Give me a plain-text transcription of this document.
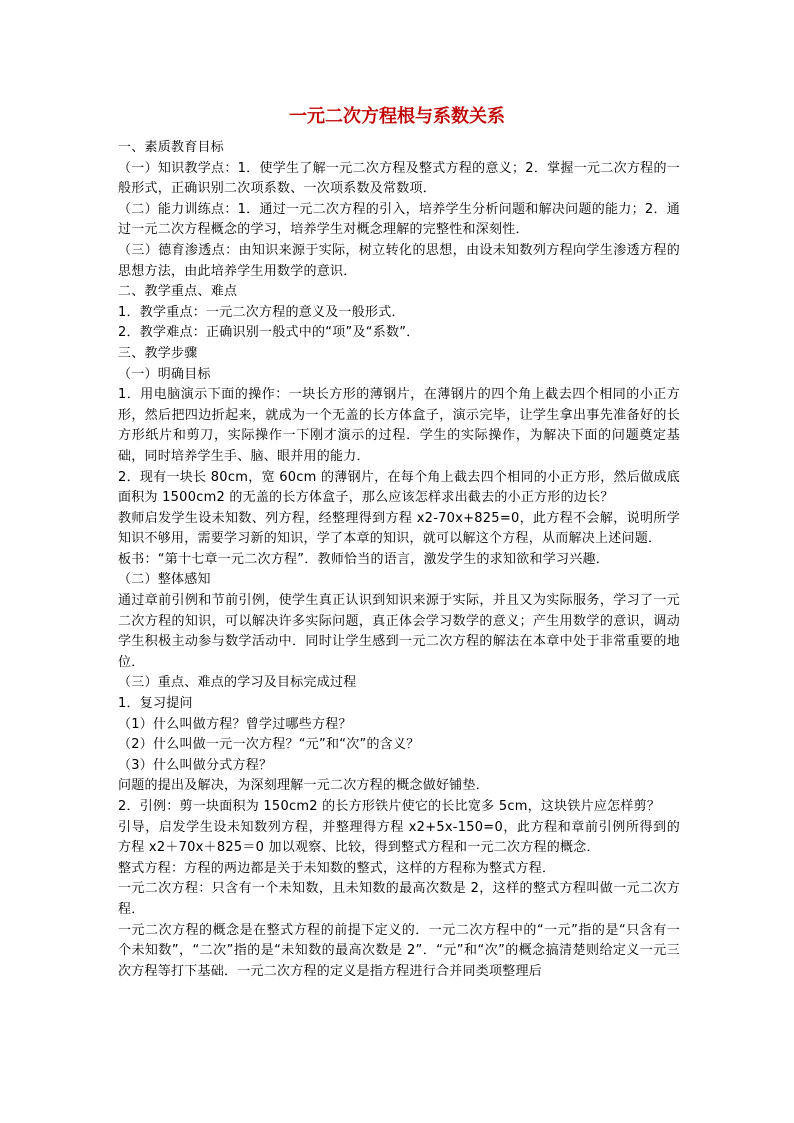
一元二次方程根与系数关系

一、素质教育目标

（一）知识教学点：1．使学生了解一元二次方程及整式方程的意义；2．掌握一元二次方程的一般形式，正确识别二次项系数、一次项系数及常数项．

（二）能力训练点：1．通过一元二次方程的引入，培养学生分析问题和解决问题的能力；2．通过一元二次方程概念的学习，培养学生对概念理解的完整性和深刻性．

（三）德育渗透点：由知识来源于实际，树立转化的思想，由设未知数列方程向学生渗透方程的思想方法，由此培养学生用数学的意识．

二、教学重点、难点

1．教学重点：一元二次方程的意义及一般形式．

2．教学难点：正确识别一般式中的“项”及“系数”．

三、教学步骤

（一）明确目标

1．用电脑演示下面的操作：一块长方形的薄钢片，在薄钢片的四个角上截去四个相同的小正方形，然后把四边折起来，就成为一个无盖的长方体盒子，演示完毕，让学生拿出事先准备好的长方形纸片和剪刀，实际操作一下刚才演示的过程．学生的实际操作，为解决下面的问题奠定基础，同时培养学生手、脑、眼并用的能力．

2．现有一块长 80cm，宽 60cm 的薄钢片，在每个角上截去四个相同的小正方形，然后做成底面积为 1500cm2 的无盖的长方体盒子，那么应该怎样求出截去的小正方形的边长？

教师启发学生设未知数、列方程，经整理得到方程 x2-70x+825=0，此方程不会解，说明所学知识不够用，需要学习新的知识，学了本章的知识，就可以解这个方程，从而解决上述问题．

板书：“第十七章一元二次方程”．教师恰当的语言，激发学生的求知欲和学习兴趣．

（二）整体感知

通过章前引例和节前引例，使学生真正认识到知识来源于实际，并且又为实际服务，学习了一元二次方程的知识，可以解决许多实际问题，真正体会学习数学的意义；产生用数学的意识，调动学生积极主动参与数学活动中．同时让学生感到一元二次方程的解法在本章中处于非常重要的地位．

（三）重点、难点的学习及目标完成过程

1．复习提问

（1）什么叫做方程？曾学过哪些方程？

（2）什么叫做一元一次方程？“元”和“次”的含义？

（3）什么叫做分式方程？

问题的提出及解决，为深刻理解一元二次方程的概念做好铺垫．

2．引例：剪一块面积为 150cm2 的长方形铁片使它的长比宽多 5cm，这块铁片应怎样剪？

引导，启发学生设未知数列方程，并整理得方程 x2+5x-150=0，此方程和章前引例所得到的方程 x2＋70x＋825＝0 加以观察、比较，得到整式方程和一元二次方程的概念．

整式方程：方程的两边都是关于未知数的整式，这样的方程称为整式方程．

一元二次方程：只含有一个未知数，且未知数的最高次数是 2，这样的整式方程叫做一元二次方程．

一元二次方程的概念是在整式方程的前提下定义的．一元二次方程中的“一元”指的是“只含有一个未知数”，“二次”指的是“未知数的最高次数是 2”．“元”和“次”的概念搞清楚则给定义一元三次方程等打下基础．一元二次方程的定义是指方程进行合并同类项整理后
